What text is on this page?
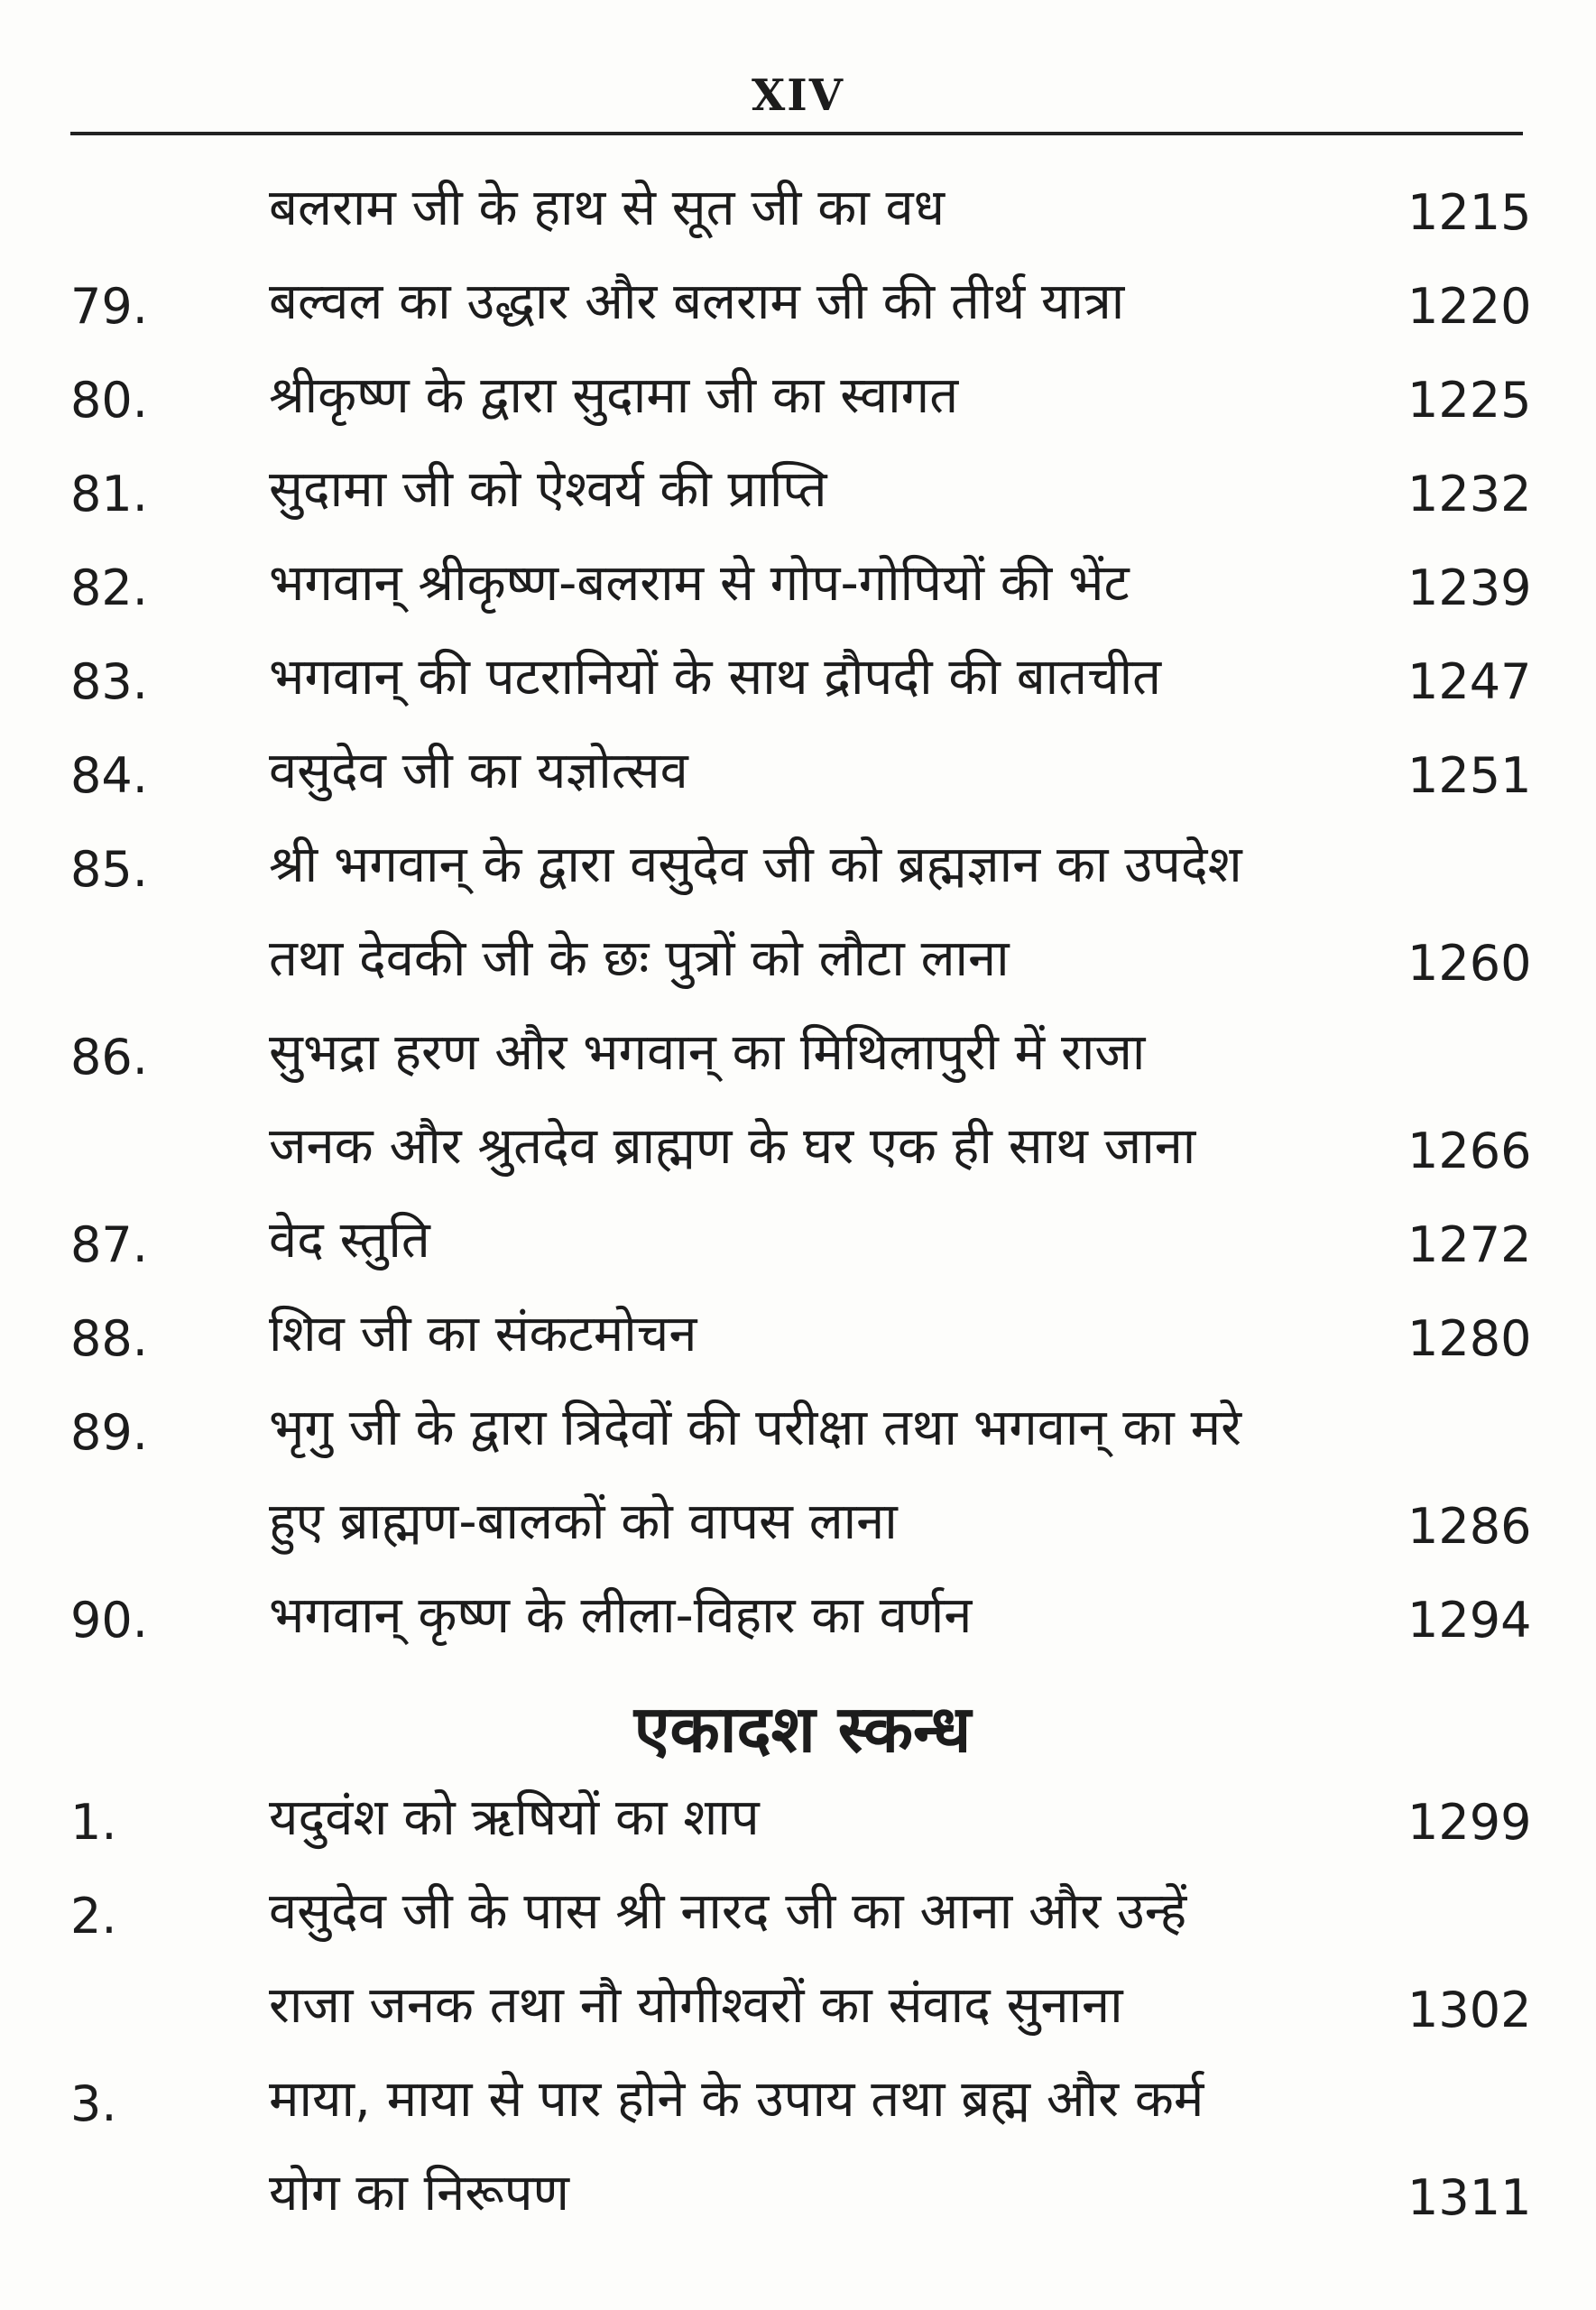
XIV
बलराम जी के हाथ से सूत जी का वध	1215
79. बल्वल का उद्धार और बलराम जी की तीर्थ यात्रा	1220
80. श्रीकृष्ण के द्वारा सुदामा जी का स्वागत	1225
81. सुदामा जी को ऐश्वर्य की प्राप्ति	1232
82. भगवान् श्रीकृष्ण-बलराम से गोप-गोपियों की भेंट	1239
83. भगवान् की पटरानियों के साथ द्रौपदी की बातचीत	1247
84. वसुदेव जी का यज्ञोत्सव	1251
85. श्री भगवान् के द्वारा वसुदेव जी को ब्रह्मज्ञान का उपदेश
तथा देवकी जी के छः पुत्रों को लौटा लाना	1260
86. सुभद्रा हरण और भगवान् का मिथिलापुरी में राजा
जनक और श्रुतदेव ब्राह्मण के घर एक ही साथ जाना	1266
87. वेद स्तुति	1272
88. शिव जी का संकटमोचन	1280
89. भृगु जी के द्वारा त्रिदेवों की परीक्षा तथा भगवान् का मरे
हुए ब्राह्मण-बालकों को वापस लाना	1286
90. भगवान् कृष्ण के लीला-विहार का वर्णन	1294
एकादश स्कन्ध
1.	यदुवंश को ऋषियों का शाप	1299
2.	वसुदेव जी के पास श्री नारद जी का आना और उन्हें
राजा जनक तथा नौ योगीश्वरों का संवाद सुनाना	1302
3.	माया, माया से पार होने के उपाय तथा ब्रह्म और कर्म
योग का निरूपण	1311
